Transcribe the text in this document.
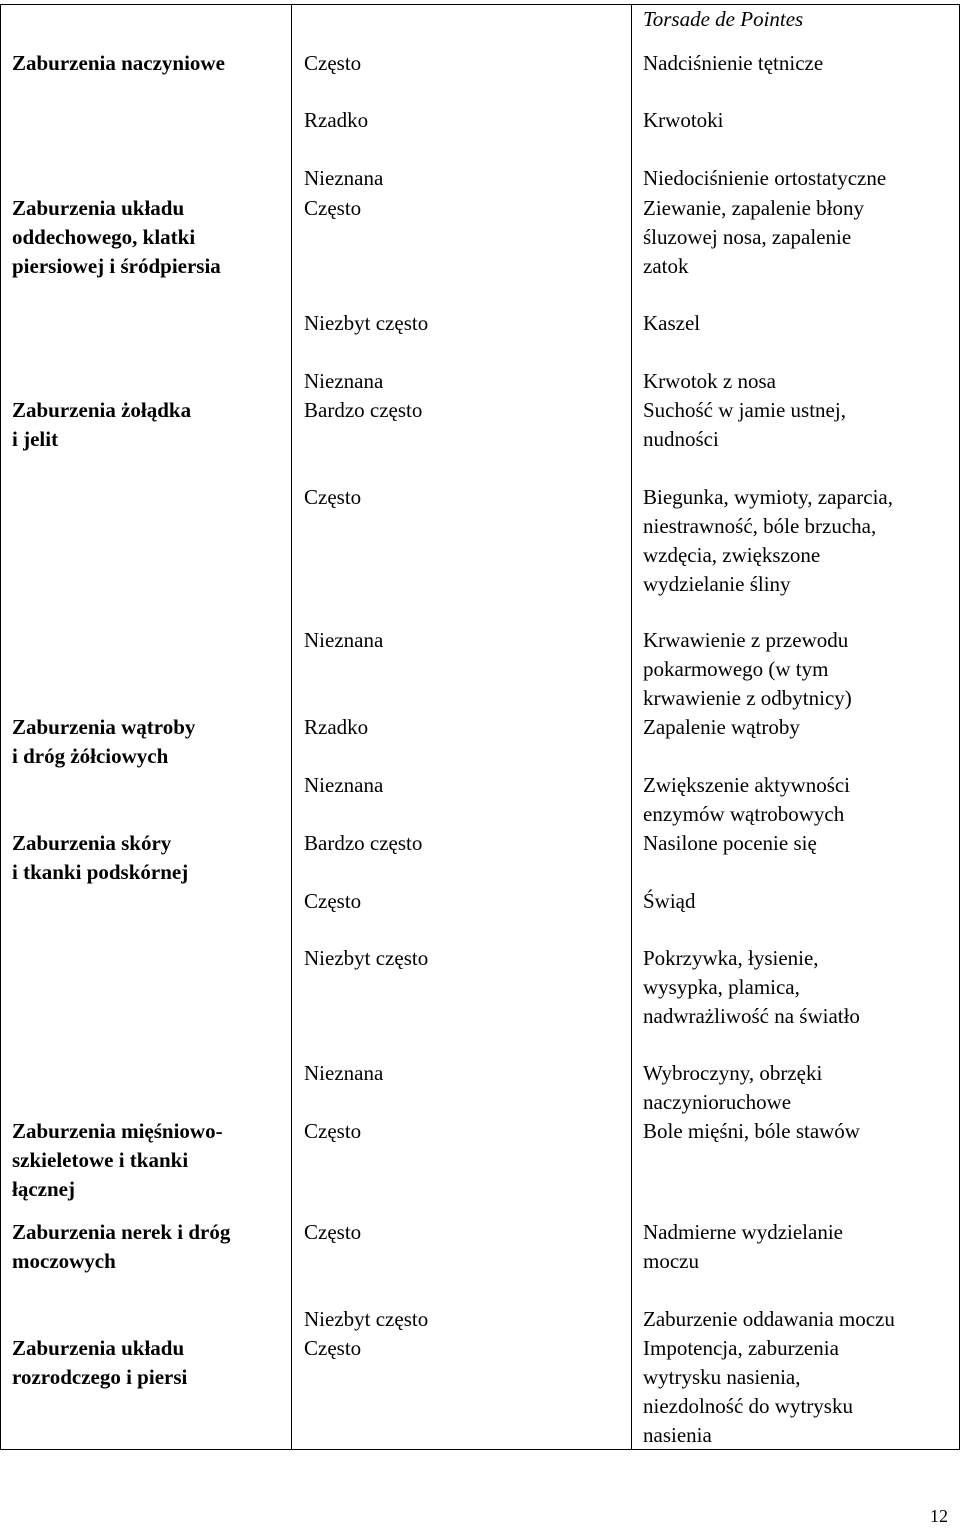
Zaburzenia naczyniowe
Zaburzenia układu
oddechowego, klatki
piersiowej i śródpiersia
Zaburzenia żołądka
i jelit
Zaburzenia wątroby
i dróg żółciowych
Zaburzenia skóry
i tkanki podskórnej
Zaburzenia mięśniowo-
szkieletowe i tkanki
łącznej
Zaburzenia nerek i dróg
moczowych
Zaburzenia układu
rozrodczego i piersi
Często
Rzadko
Nieznana
Często
Niezbyt często
Nieznana
Bardzo często
Często
Nieznana
Rzadko
Nieznana
Bardzo często
Często
Niezbyt często
Nieznana
Często
Często
Niezbyt często
Często
Torsade de Pointes
Nadciśnienie tętnicze
Krwotoki
Niedociśnienie ortostatyczne
Ziewanie, zapalenie błony
śluzowej nosa, zapalenie
zatok
Kaszel
Krwotok z nosa
Suchość w jamie ustnej,
nudności
Biegunka, wymioty, zaparcia,
niestrawność, bóle brzucha,
wzdęcia, zwiększone
wydzielanie śliny
Krwawienie z przewodu
pokarmowego (w tym
krwawienie z odbytnicy)
Zapalenie wątroby
Zwiększenie aktywności
enzymów wątrobowych
Nasilone pocenie się
Świąd
Pokrzywka, łysienie,
wysypka, plamica,
nadwrażliwość na światło
Wybroczyny, obrzęki
naczynioruchowe
Bole mięśni, bóle stawów
Nadmierne wydzielanie
moczu
Zaburzenie oddawania moczu
Impotencja, zaburzenia
wytrysku nasienia,
niezdolność do wytrysku
nasienia
12
